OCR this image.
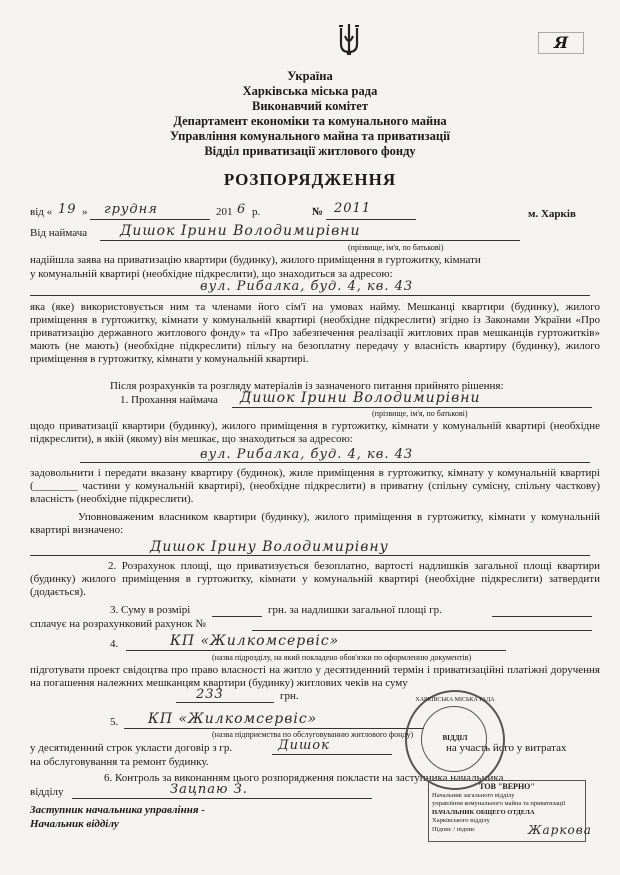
Я
Україна
Харківська міська рада
Виконавчий комітет
Департамент економіки та комунального майна
Управління комунального майна та приватизації
Відділ приватизації житлового фонду
РОЗПОРЯДЖЕННЯ
від « 19 » грудня	201 6 р.	№ 2011	м. Харків
Від наймача Дишок Ірини Володимирівни
(прізвище, ім'я, по батькові)
надійшла заява на приватизацію квартири (будинку), жилого приміщення в гуртожитку, кімнати
у комунальній квартирі (необхідне підкреслити), що знаходиться за адресою:
вул. Рибалка, буд. 4, кв. 43
яка (яке) використовується ним та членами його сім'ї на умовах найму. Мешканці квартири (будинку), жилого приміщення в гуртожитку, кімнати у комунальній квартирі (необхідне підкреслити) згідно із Законами України «Про приватизацію державного житлового фонду» та «Про забезпечення реалізації житлових прав мешканців гуртожитків» мають (не мають) (необхідне підкреслити) пільгу на безоплатну передачу у власність квартиру (будинку), жилого приміщення в гуртожитку, кімнати у комунальній квартирі.
Після розрахунків та розгляду матеріалів із зазначеного питання прийнято рішення:
1. Прохання наймача Дишок Ірини Володимирівни
(прізвище, ім'я, по батькові)
щодо приватизації квартири (будинку), жилого приміщення в гуртожитку, кімнати у комунальній квартирі (необхідне підкреслити), в якій (якому) він мешкає, що знаходиться за адресою:
вул. Рибалка, буд. 4, кв. 43
задовольнити і передати вказану квартиру (будинок), жиле приміщення в гуртожитку, кімнату у комунальній квартирі (________ частини у комунальній квартирі), (необхідне підкреслити) в приватну (спільну сумісну, спільну часткову) власність (необхідне підкреслити).
Уповноваженим власником квартири (будинку), жилого приміщення в гуртожитку, кімнати у комунальній квартирі визначено:
Дишок Ірину Володимирівну
2. Розрахунок площі, що приватизується безоплатно, вартості надлишків загальної площі квартири (будинку) жилого приміщення в гуртожитку, кімнати у комунальній квартирі (необхідне підкреслити) затвердити (додається).
3. Суму в розмірі	грн. за надлишки загальної площі гр.
сплачує на розрахунковий рахунок №
4.	КП «Жилкомсервіс»
(назва підрозділу, на який покладено обов'язки по оформленню документів)
підготувати проект свідоцтва про право власності на житло у десятиденний термін і приватизаційні платіжні доручення на погашення належних мешканцям квартири (будинку) житлових чеків на суму
233	грн.
5. КП «Жилкомсервіс»
(назва підприємства по обслуговуванню житлового фонду)
у десятиденний строк укласти договір з гр.	Дишок	на участь його у витратах
на обслуговування та ремонт будинку.
6. Контроль за виконанням цього розпорядження покласти на заступника начальника
відділу	Зацпаю З.
Заступник начальника управління -
Начальник відділу
ХАРКІВСЬКА МІСЬКА РАДА
ВІДДІЛ
ТОВ "ВЕРНО"
Начальник загального відділу
управління комунального майна та приватизації
НАЧАЛЬНИК ОБЩЕГО ОТДЕЛА
Харківського відділу
Підпис / підпис	Жаркова
